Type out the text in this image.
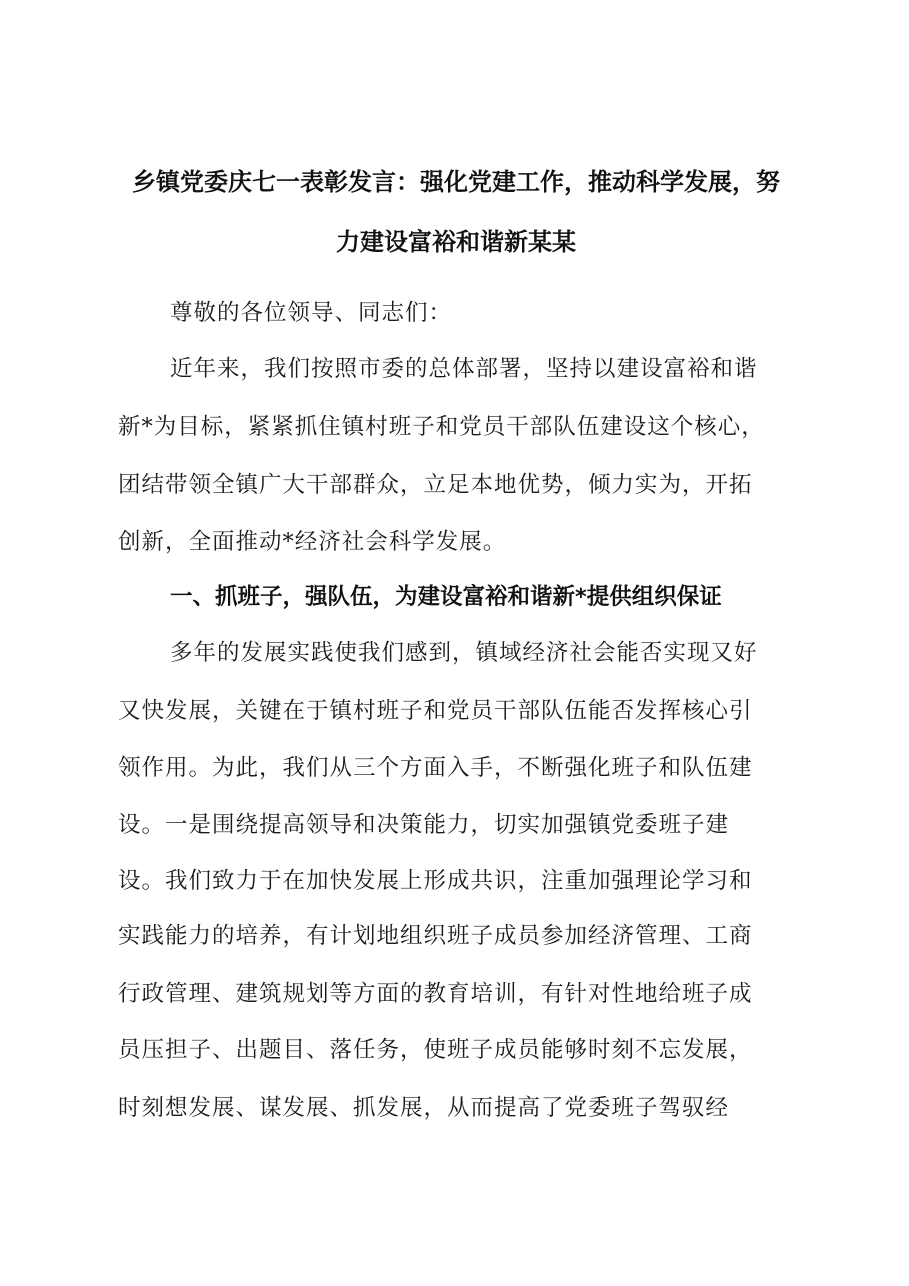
乡镇党委庆七一表彰发言：强化党建工作，推动科学发展，努
力建设富裕和谐新某某
尊敬的各位领导、同志们：
近年来，我们按照市委的总体部署，坚持以建设富裕和谐
新*为目标，紧紧抓住镇村班子和党员干部队伍建设这个核心，
团结带领全镇广大干部群众，立足本地优势，倾力实为，开拓
创新，全面推动*经济社会科学发展。
一、抓班子，强队伍，为建设富裕和谐新*提供组织保证
多年的发展实践使我们感到，镇域经济社会能否实现又好
又快发展，关键在于镇村班子和党员干部队伍能否发挥核心引
领作用。为此，我们从三个方面入手，不断强化班子和队伍建
设。一是围绕提高领导和决策能力，切实加强镇党委班子建
设。我们致力于在加快发展上形成共识，注重加强理论学习和
实践能力的培养，有计划地组织班子成员参加经济管理、工商
行政管理、建筑规划等方面的教育培训，有针对性地给班子成
员压担子、出题目、落任务，使班子成员能够时刻不忘发展，
时刻想发展、谋发展、抓发展，从而提高了党委班子驾驭经
